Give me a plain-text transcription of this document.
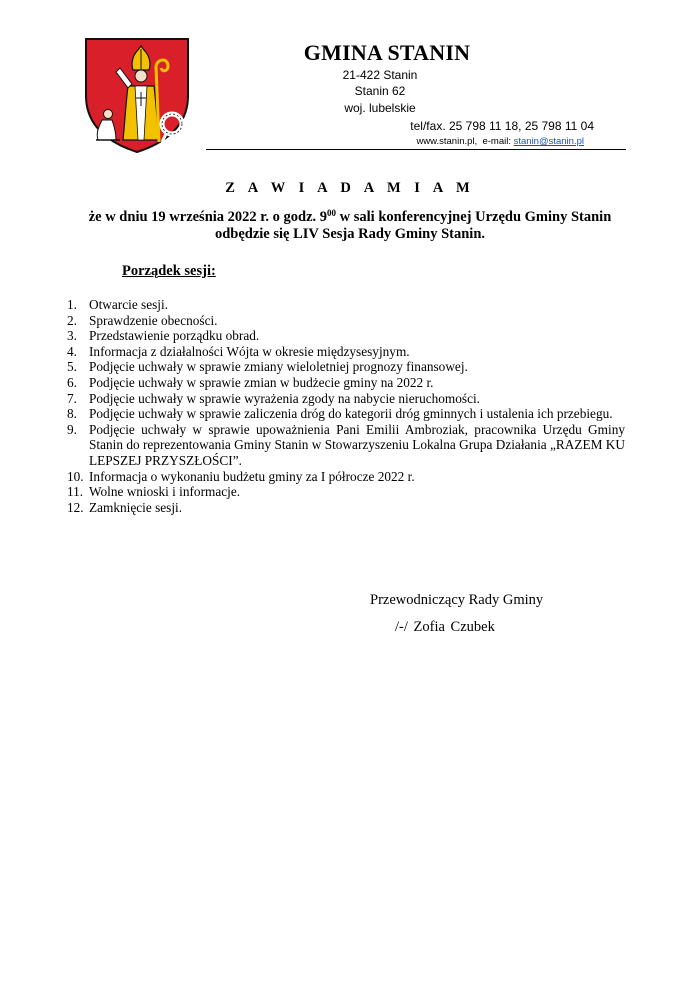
GMINA STANIN
21-422 Stanin
Stanin 62
woj. lubelskie
tel/fax. 25 798 11 18, 25 798 11 04
www.stanin.pl, e-mail: stanin@stanin.pl
Z A W I A D A M I A M
że w dniu 19 września 2022 r. o godz. $9^{00}$ w sali konferencyjnej Urzędu Gminy Stanin odbędzie się LIV Sesja Rady Gminy Stanin.
Porządek sesji:
1. Otwarcie sesji.
2. Sprawdzenie obecności.
3. Przedstawienie porządku obrad.
4. Informacja z działalności Wójta w okresie międzysesyjnym.
5. Podjęcie uchwały w sprawie zmiany wieloletniej prognozy finansowej.
6. Podjęcie uchwały w sprawie zmian w budżecie gminy na 2022 r.
7. Podjęcie uchwały w sprawie wyrażenia zgody na nabycie nieruchomości.
8. Podjęcie uchwały w sprawie zaliczenia dróg do kategorii dróg gminnych i ustalenia ich przebiegu.
9. Podjęcie uchwały w sprawie upoważnienia Pani Emilii Ambroziak, pracownika Urzędu Gminy Stanin do reprezentowania Gminy Stanin w Stowarzyszeniu Lokalna Grupa Działania „RAZEM KU LEPSZEJ PRZYSZŁOŚCI”.
10. Informacja o wykonaniu budżetu gminy za I półrocze 2022 r.
11. Wolne wnioski i informacje.
12. Zamknięcie sesji.
Przewodniczący Rady Gminy
/-/ Zofia Czubek
